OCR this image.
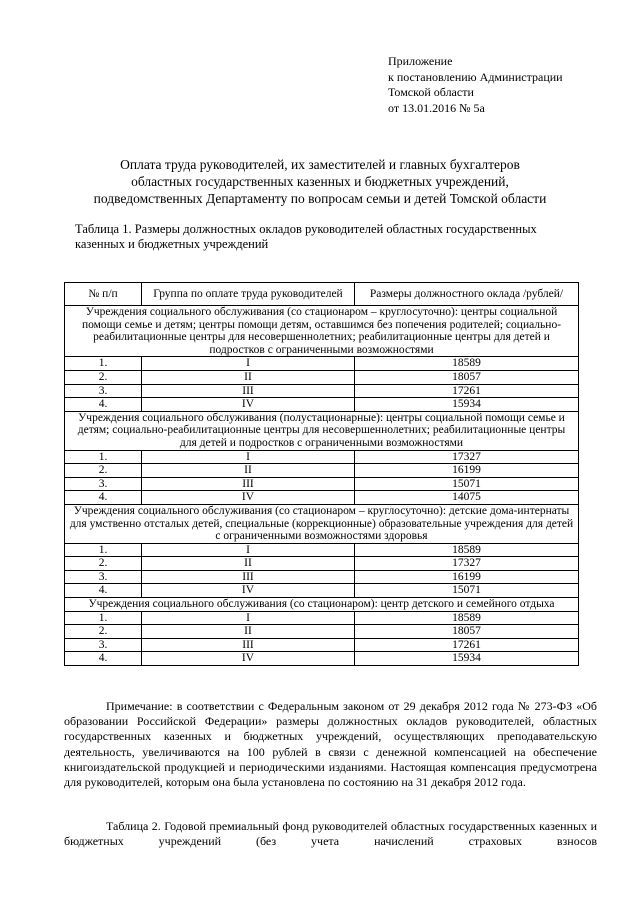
Приложение
к постановлению Администрации
Томской области
от 13.01.2016 № 5а
Оплата труда руководителей, их заместителей и главных бухгалтеров
областных государственных казенных и бюджетных учреждений,
подведомственных Департаменту по вопросам семьи и детей Томской области
Таблица 1. Размеры должностных окладов руководителей областных государственных казенных и бюджетных учреждений
№ п/п	Группа по оплате труда руководителей	Размеры должностного оклада /рублей/
Учреждения социального обслуживания (со стационаром – круглосуточно): центры социальной помощи семье и детям; центры помощи детям, оставшимся без попечения родителей; социально-реабилитационные центры для несовершеннолетних; реабилитационные центры для детей и подростков с ограниченными возможностями		
1.	I	18589
2.	II	18057
3.	III	17261
4.	IV	15934
Учреждения социального обслуживания (полустационарные): центры социальной помощи семье и детям; социально-реабилитационные центры для несовершеннолетних; реабилитационные центры для детей и подростков с ограниченными возможностями		
1.	I	17327
2.	II	16199
3.	III	15071
4.	IV	14075
Учреждения социального обслуживания (со стационаром – круглосуточно): детские дома-интернаты для умственно отсталых детей, специальные (коррекционные) образовательные учреждения для детей с ограниченными возможностями здоровья		
1.	I	18589
2.	II	17327
3.	III	16199
4.	IV	15071
Учреждения социального обслуживания (со стационаром): центр детского и семейного отдыха		
1.	I	18589
2.	II	18057
3.	III	17261
4.	IV	15934

Примечание: в соответствии с Федеральным законом от 29 декабря 2012 года № 273-ФЗ «Об образовании Российской Федерации» размеры должностных окладов руководителей, областных государственных казенных и бюджетных учреждений, осуществляющих преподавательскую деятельность, увеличиваются на 100 рублей в связи с денежной компенсацией на обеспечение книгоиздательской продукцией и периодическими изданиями. Настоящая компенсация предусмотрена для руководителей, которым она была установлена по состоянию на 31 декабря 2012 года.

Таблица 2. Годовой премиальный фонд руководителей областных государственных казенных и бюджетных учреждений (без учета начислений страховых взносов
